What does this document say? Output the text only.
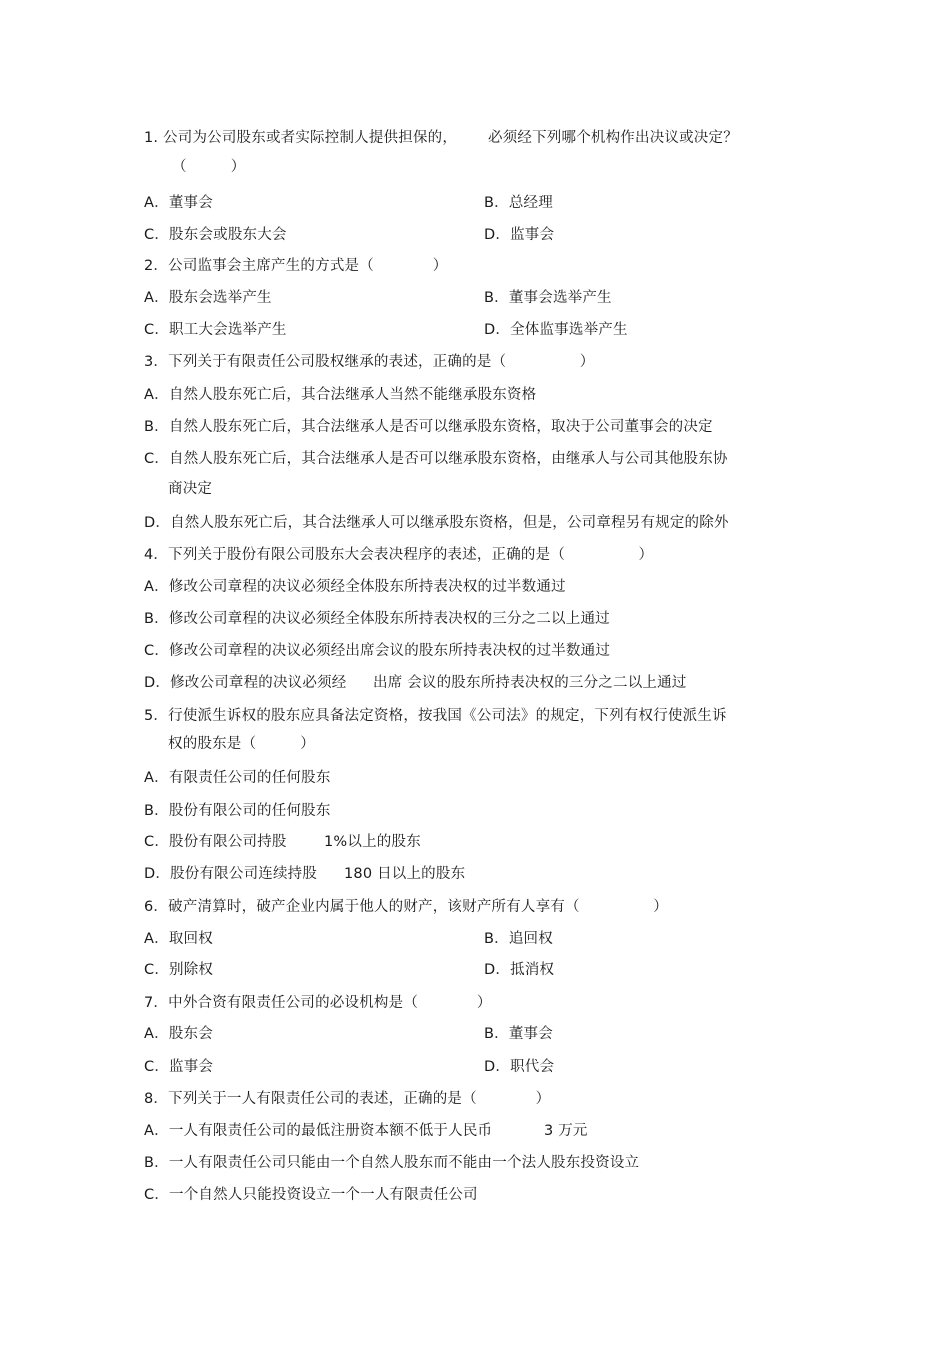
1. 公司为公司股东或者实际控制人提供担保的， 必须经下列哪个机构作出决议或决定？
（　　　）
A．董事会	B．总经理
C．股东会或股东大会	D．监事会
2．公司监事会主席产生的方式是（　　　　）
A．股东会选举产生	B．董事会选举产生
C．职工大会选举产生	D．全体监事选举产生
3．下列关于有限责任公司股权继承的表述，正确的是（　　　　　）
A．自然人股东死亡后，其合法继承人当然不能继承股东资格
B．自然人股东死亡后，其合法继承人是否可以继承股东资格，取决于公司董事会的决定
C．自然人股东死亡后，其合法继承人是否可以继承股东资格，由继承人与公司其他股东协
商决定
D．自然人股东死亡后，其合法继承人可以继承股东资格，但是，公司章程另有规定的除外
4．下列关于股份有限公司股东大会表决程序的表述，正确的是（　　　　　）
A．修改公司章程的决议必须经全体股东所持表决权的过半数通过
B．修改公司章程的决议必须经全体股东所持表决权的三分之二以上通过
C．修改公司章程的决议必须经出席会议的股东所持表决权的过半数通过
D．修改公司章程的决议必须经 出席 会议的股东所持表决权的三分之二以上通过
5．行使派生诉权的股东应具备法定资格，按我国《公司法》的规定，下列有权行使派生诉
权的股东是（　　　）
A．有限责任公司的任何股东
B．股份有限公司的任何股东
C．股份有限公司持股	1%以上的股东
D．股份有限公司连续持股 180 日以上的股东
6．破产清算时，破产企业内属于他人的财产，该财产所有人享有（　　　　　）
A．取回权	B．追回权
C．别除权	D．抵消权
7．中外合资有限责任公司的必设机构是（　　　　）
A．股东会	B．董事会
C．监事会	D．职代会
8．下列关于一人有限责任公司的表述，正确的是（　　　　）
A．一人有限责任公司的最低注册资本额不低于人民币	3 万元
B．一人有限责任公司只能由一个自然人股东而不能由一个法人股东投资设立
C．一个自然人只能投资设立一个一人有限责任公司
